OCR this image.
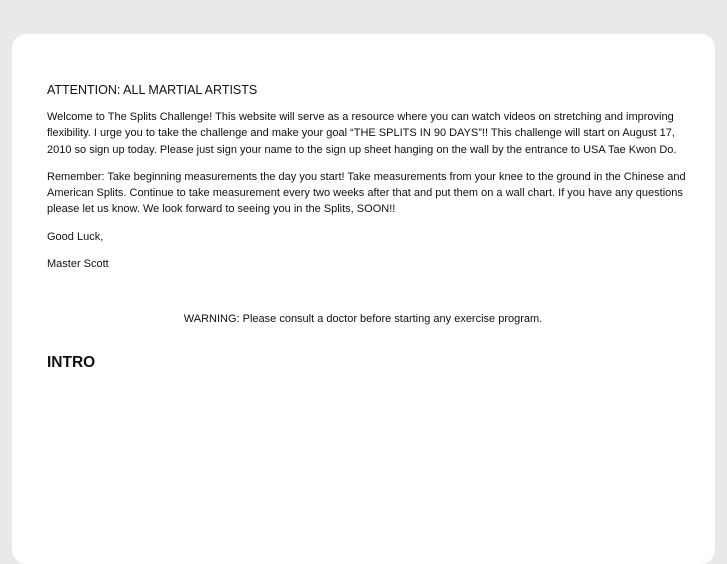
ATTENTION: ALL MARTIAL ARTISTS

Welcome to The Splits Challenge! This website will serve as a resource where you can watch videos on stretching and improving flexibility. I urge you to take the challenge and make your goal “THE SPLITS IN 90 DAYS”!! This challenge will start on August 17, 2010 so sign up today. Please just sign your name to the sign up sheet hanging on the wall by the entrance to USA Tae Kwon Do.

Remember: Take beginning measurements the day you start! Take measurements from your knee to the ground in the Chinese and American Splits. Continue to take measurement every two weeks after that and put them on a wall chart. If you have any questions please let us know. We look forward to seeing you in the Splits, SOON!!

Good Luck,
Master Scott
WARNING: Please consult a doctor before starting any exercise program.
INTRO
